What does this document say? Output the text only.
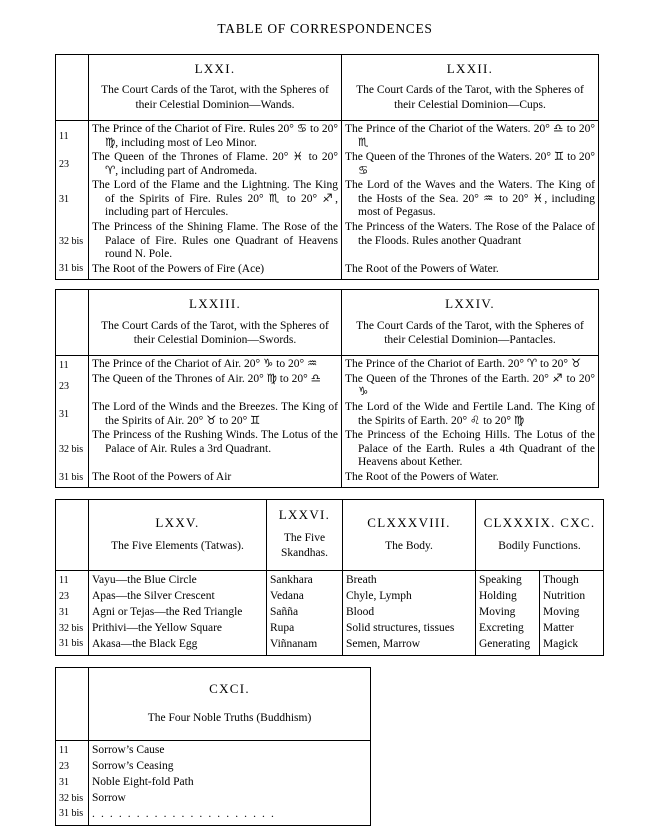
TABLE OF CORRESPONDENCES

LXXI.
The Court Cards of the Tarot, with the Spheres of their Celestial Dominion—Wands.

LXXII.
The Court Cards of the Tarot, with the Spheres of their Celestial Dominion—Cups.

11	The Prince of the Chariot of Fire. Rules 20° ♋ to 20° ♍, including most of Leo Minor.	The Prince of the Chariot of the Waters. 20° ♎ to 20° ♏
23	The Queen of the Thrones of Flame. 20° ♓ to 20° ♈, including part of Andromeda.	The Queen of the Thrones of the Waters. 20° ♊ to 20° ♋
31	The Lord of the Flame and the Lightning. The King of the Spirits of Fire. Rules 20° ♏ to 20° ♐, including part of Hercules.	The Lord of the Waves and the Waters. The King of the Hosts of the Sea. 20° ♒ to 20° ♓, including most of Pegasus.
32 bis	The Princess of the Shining Flame. The Rose of the Palace of Fire. Rules one Quadrant of Heavens round N. Pole.	The Princess of the Waters. The Rose of the Palace of the Floods. Rules another Quadrant
31 bis	The Root of the Powers of Fire (Ace)	The Root of the Powers of Water.

LXXIII.
The Court Cards of the Tarot, with the Spheres of their Celestial Dominion—Swords.

LXXIV.
The Court Cards of the Tarot, with the Spheres of their Celestial Dominion—Pantacles.

11	The Prince of the Chariot of Air. 20° ♑ to 20° ♒	The Prince of the Chariot of Earth. 20° ♈ to 20° ♉
23	The Queen of the Thrones of Air. 20° ♍ to 20° ♎	The Queen of the Thrones of the Earth. 20° ♐ to 20° ♑
31	The Lord of the Winds and the Breezes. The King of the Spirits of Air. 20° ♉ to 20° ♊	The Lord of the Wide and Fertile Land. The King of the Spirits of Earth. 20° ♌ to 20° ♍
32 bis	The Princess of the Rushing Winds. The Lotus of the Palace of Air. Rules a 3rd Quadrant.	The Princess of the Echoing Hills. The Lotus of the Palace of the Earth. Rules a 4th Quadrant of the Heavens about Kether.
31 bis	The Root of the Powers of Air	The Root of the Powers of Water.

LXXV.
The Five Elements (Tatwas).

LXXVI.
The Five Skandhas.

CLXXXVIII.
The Body.

CLXXXIX. CXC.
Bodily Functions.

11	Vayu—the Blue Circle	Sankhara	Breath	Speaking	Though
23	Apas—the Silver Crescent	Vedana	Chyle, Lymph	Holding	Nutrition
31	Agni or Tejas—the Red Triangle	Sañña	Blood	Moving	Moving
32 bis	Prithivi—the Yellow Square	Rupa	Solid structures, tissues	Excreting	Matter
31 bis	Akasa—the Black Egg	Viñnanam	Semen, Marrow	Generating	Magick

	CXCI.
The Four Noble Truths (Buddhism)

11	Sorrow’s Cause
23	Sorrow’s Ceasing
31	Noble Eight-fold Path
32 bis	Sorrow
31 bis	. . . . . . . . . . . . . . . . . . . . .
